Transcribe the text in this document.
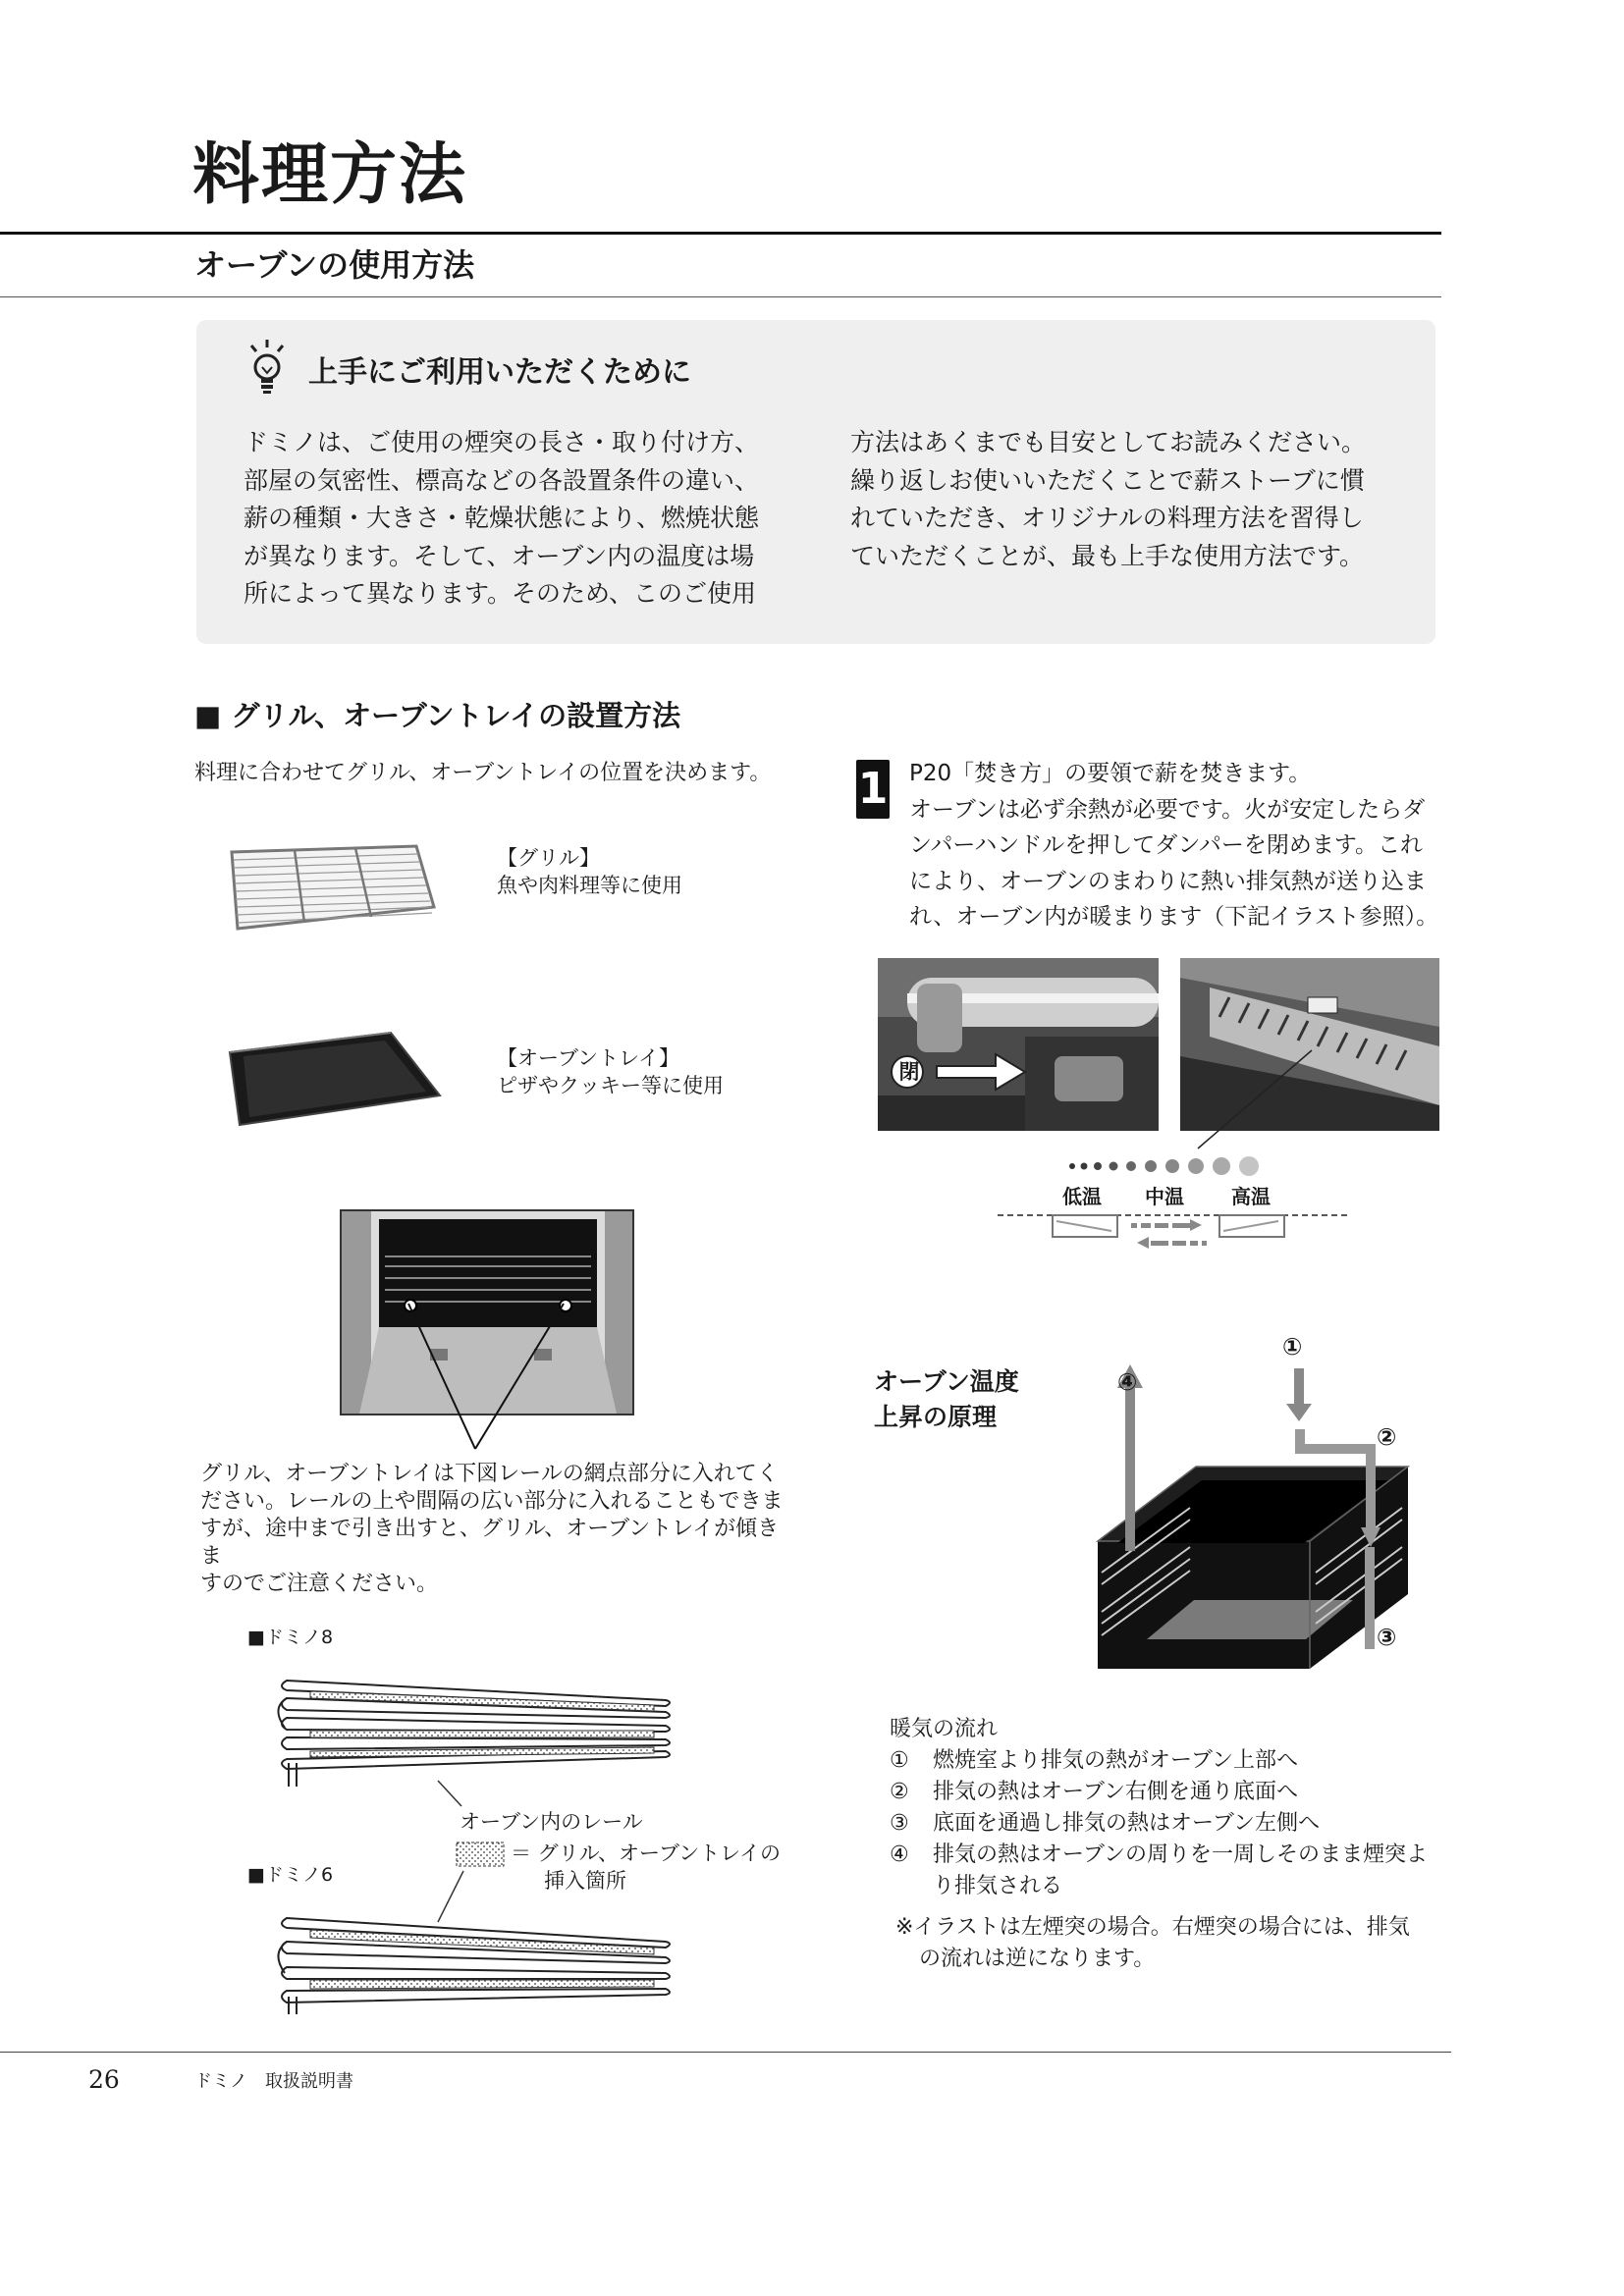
料理方法
オーブンの使用方法
上手にご利用いただくために
ドミノは、ご使用の煙突の長さ・取り付け方、
部屋の気密性、標高などの各設置条件の違い、
薪の種類・大きさ・乾燥状態により、燃焼状態
が異なります。そして、オーブン内の温度は場
所によって異なります。そのため、このご使用
方法はあくまでも目安としてお読みください。
繰り返しお使いいただくことで薪ストーブに慣
れていただき、オリジナルの料理方法を習得し
ていただくことが、最も上手な使用方法です。
■ グリル、オーブントレイの設置方法
料理に合わせてグリル、オーブントレイの位置を決めます。
【グリル】
魚や肉料理等に使用
【オーブントレイ】
ピザやクッキー等に使用
グリル、オーブントレイは下図レールの網点部分に入れてく
ださい。レールの上や間隔の広い部分に入れることもできま
すが、途中まで引き出すと、グリル、オーブントレイが傾きま
すのでご注意ください。
■ドミノ8
オーブン内のレール
＝ グリル、オーブントレイの
挿入箇所
■ドミノ6
1 P20「焚き方」の要領で薪を焚きます。
オーブンは必ず余熱が必要です。火が安定したらダ
ンパーハンドルを押してダンパーを閉めます。これ
により、オーブンのまわりに熱い排気熱が送り込ま
れ、オーブン内が暖まります（下記イラスト参照）。
閉
低温 中温 高温
オーブン温度
上昇の原理
①
②
③
④
暖気の流れ
①	燃焼室より排気の熱がオーブン上部へ
②	排気の熱はオーブン右側を通り底面へ
③	底面を通過し排気の熱はオーブン左側へ
④	排気の熱はオーブンの周りを一周しそのまま煙突よ
り排気される
※イラストは左煙突の場合。右煙突の場合には、排気
の流れは逆になります。
26	ドミノ　取扱説明書
